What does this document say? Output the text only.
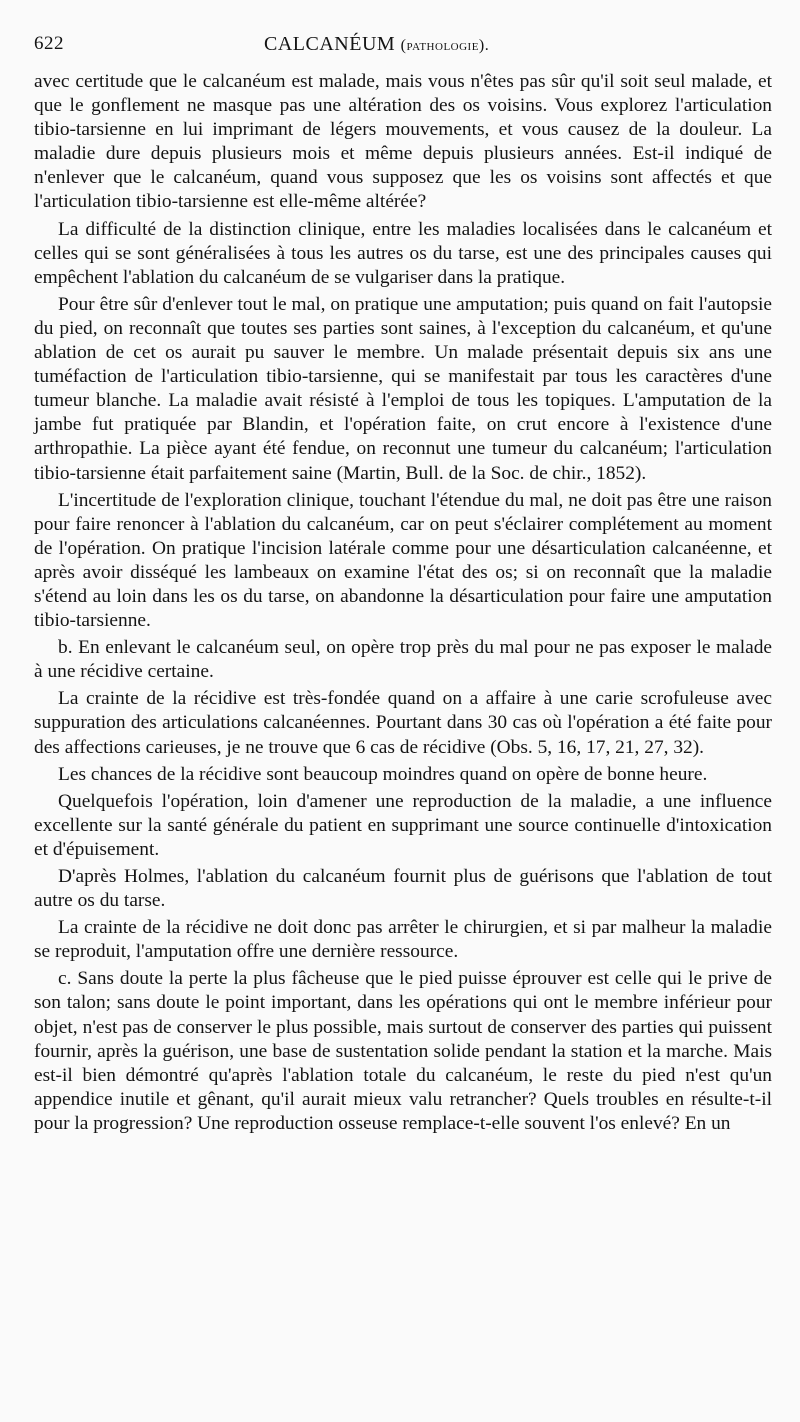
622	CALCANÉUM (pathologie).

avec certitude que le calcanéum est malade, mais vous n'êtes pas sûr qu'il soit seul malade, et que le gonflement ne masque pas une altération des os voisins. Vous explorez l'articulation tibio-tarsienne en lui imprimant de légers mouvements, et vous causez de la douleur. La maladie dure depuis plusieurs mois et même depuis plusieurs années. Est-il indiqué de n'enlever que le calcanéum, quand vous supposez que les os voisins sont affectés et que l'articulation tibio-tarsienne est elle-même altérée?

La difficulté de la distinction clinique, entre les maladies localisées dans le calcanéum et celles qui se sont généralisées à tous les autres os du tarse, est une des principales causes qui empêchent l'ablation du calcanéum de se vulgariser dans la pratique.

Pour être sûr d'enlever tout le mal, on pratique une amputation; puis quand on fait l'autopsie du pied, on reconnaît que toutes ses parties sont saines, à l'exception du calcanéum, et qu'une ablation de cet os aurait pu sauver le membre. Un malade présentait depuis six ans une tuméfaction de l'articulation tibio-tarsienne, qui se manifestait par tous les caractères d'une tumeur blanche. La maladie avait résisté à l'emploi de tous les topiques. L'amputation de la jambe fut pratiquée par Blandin, et l'opération faite, on crut encore à l'existence d'une arthropathie. La pièce ayant été fendue, on reconnut une tumeur du calcanéum; l'articulation tibio-tarsienne était parfaitement saine (Martin, Bull. de la Soc. de chir., 1852).

L'incertitude de l'exploration clinique, touchant l'étendue du mal, ne doit pas être une raison pour faire renoncer à l'ablation du calcanéum, car on peut s'éclairer complétement au moment de l'opération. On pratique l'incision latérale comme pour une désarticulation calcanéenne, et après avoir disséqué les lambeaux on examine l'état des os; si on reconnaît que la maladie s'étend au loin dans les os du tarse, on abandonne la désarticulation pour faire une amputation tibio-tarsienne.

b. En enlevant le calcanéum seul, on opère trop près du mal pour ne pas exposer le malade à une récidive certaine.

La crainte de la récidive est très-fondée quand on a affaire à une carie scrofuleuse avec suppuration des articulations calcanéennes. Pourtant dans 30 cas où l'opération a été faite pour des affections carieuses, je ne trouve que 6 cas de récidive (Obs. 5, 16, 17, 21, 27, 32).

Les chances de la récidive sont beaucoup moindres quand on opère de bonne heure.

Quelquefois l'opération, loin d'amener une reproduction de la maladie, a une influence excellente sur la santé générale du patient en supprimant une source continuelle d'intoxication et d'épuisement.

D'après Holmes, l'ablation du calcanéum fournit plus de guérisons que l'ablation de tout autre os du tarse.

La crainte de la récidive ne doit donc pas arrêter le chirurgien, et si par malheur la maladie se reproduit, l'amputation offre une dernière ressource.

c. Sans doute la perte la plus fâcheuse que le pied puisse éprouver est celle qui le prive de son talon; sans doute le point important, dans les opérations qui ont le membre inférieur pour objet, n'est pas de conserver le plus possible, mais surtout de conserver des parties qui puissent fournir, après la guérison, une base de sustentation solide pendant la station et la marche. Mais est-il bien démontré qu'après l'ablation totale du calcanéum, le reste du pied n'est qu'un appendice inutile et gênant, qu'il aurait mieux valu retrancher? Quels troubles en résulte-t-il pour la progression? Une reproduction osseuse remplace-t-elle souvent l'os enlevé? En un
